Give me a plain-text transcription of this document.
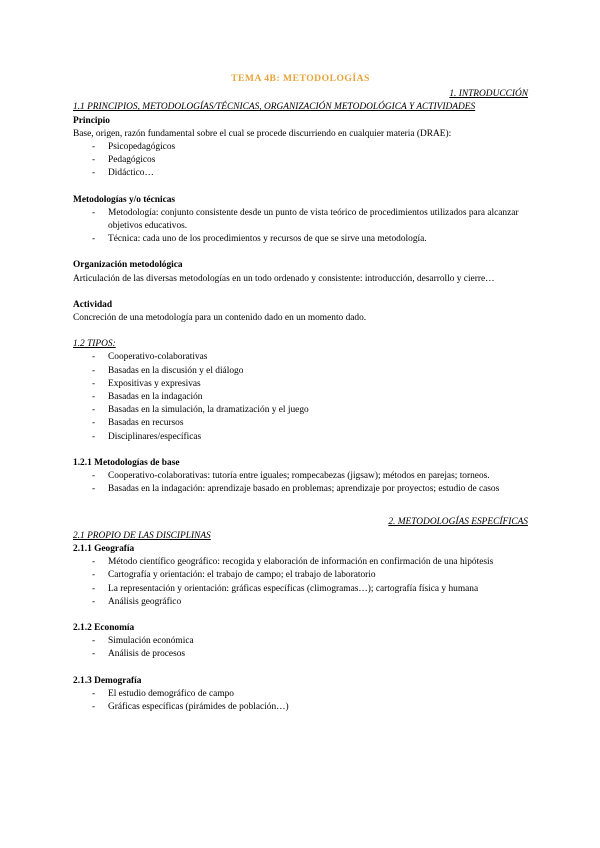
TEMA 4B: METODOLOGÍAS
1. INTRODUCCIÓN

1.1 PRINCIPIOS, METODOLOGÍAS/TÉCNICAS, ORGANIZACIÓN METODOLÓGICA Y ACTIVIDADES

Principio

Base, origen, razón fundamental sobre el cual se procede discurriendo en cualquier materia (DRAE):

- Psicopedagógicos
- Pedagógicos
- Didáctico…

Metodologías y/o técnicas

- Metodología: conjunto consistente desde un punto de vista teórico de procedimientos utilizados para alcanzar objetivos educativos.
- Técnica: cada uno de los procedimientos y recursos de que se sirve una metodología.

Organización metodológica

Articulación de las diversas metodologías en un todo ordenado y consistente: introducción, desarrollo y cierre…

Actividad

Concreción de una metodología para un contenido dado en un momento dado.

1.2 TIPOS:

- Cooperativo-colaborativas
- Basadas en la discusión y el diálogo
- Expositivas y expresivas
- Basadas en la indagación
- Basadas en la simulación, la dramatización y el juego
- Basadas en recursos
- Disciplinares/específicas

1.2.1 Metodologías de base

- Cooperativo-colaborativas: tutoría entre iguales; rompecabezas (jigsaw); métodos en parejas; torneos.
- Basadas en la indagación: aprendizaje basado en problemas; aprendizaje por proyectos; estudio de casos
2. METODOLOGÍAS ESPECÍFICAS

2.1 PROPIO DE LAS DISCIPLINAS

2.1.1 Geografía

- Método científico geográfico: recogida y elaboración de información en confirmación de una hipótesis
- Cartografía y orientación: el trabajo de campo; el trabajo de laboratorio
- La representación y orientación: gráficas específicas (climogramas…); cartografía física y humana
- Análisis geográfico

2.1.2 Economía

- Simulación económica
- Análisis de procesos

2.1.3 Demografía

- El estudio demográfico de campo
- Gráficas específicas (pirámides de población…)
